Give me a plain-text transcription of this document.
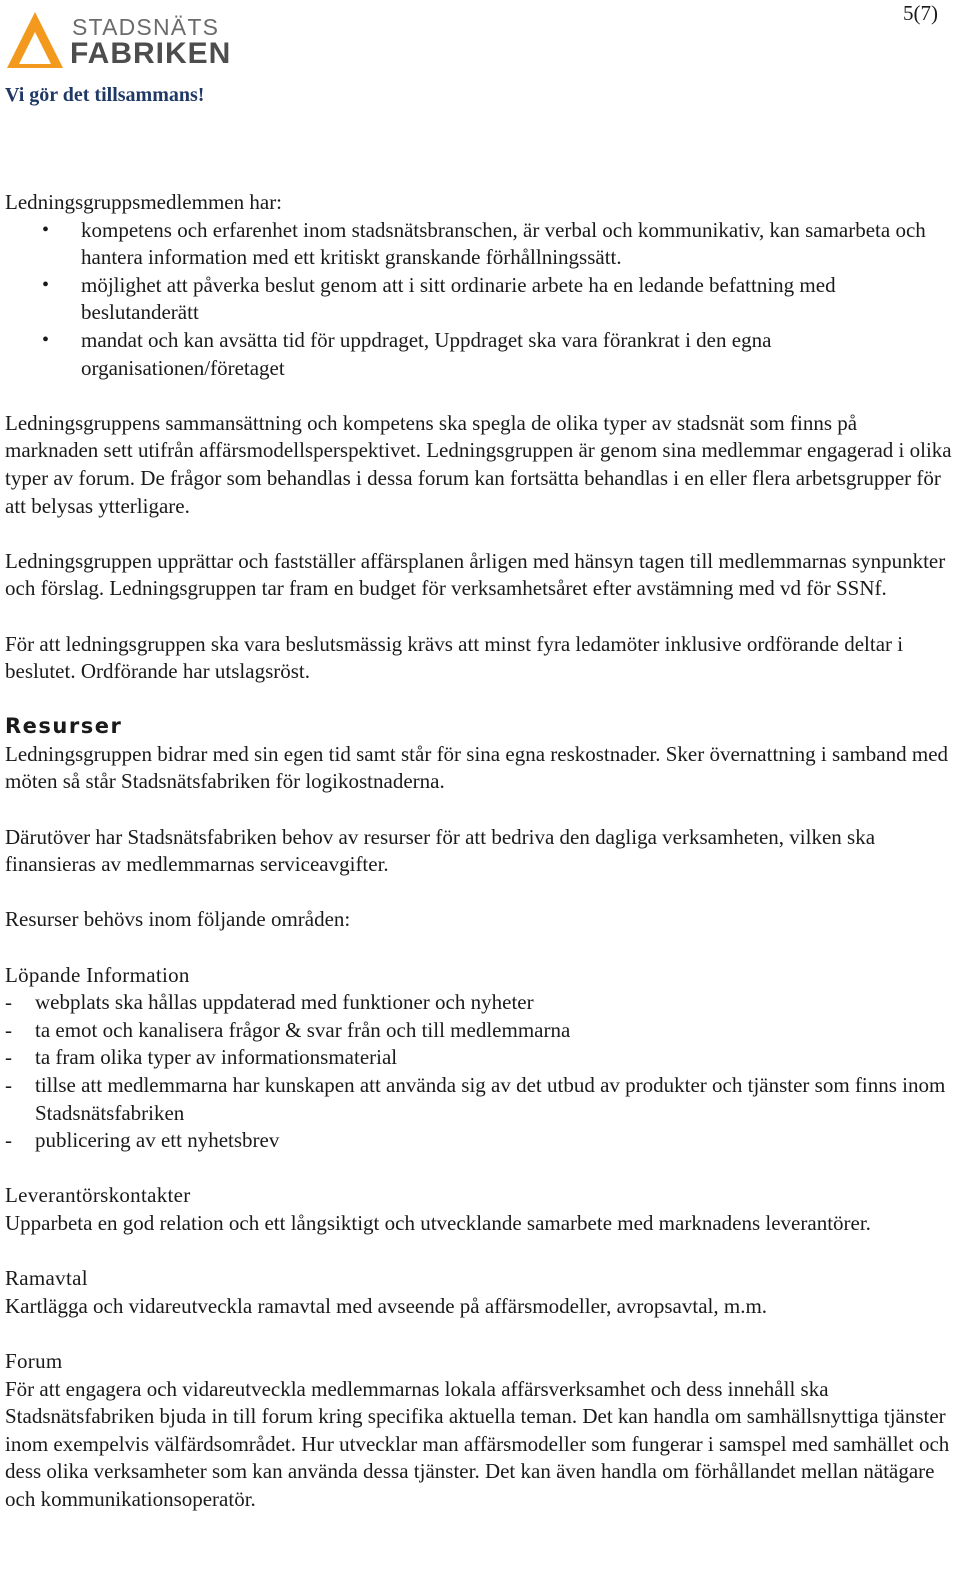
5(7)
STADSNÄTS
FABRIKEN
Vi gör det tillsammans!

Ledningsgruppsmedlemmen har:

• kompetens och erfarenhet inom stadsnätsbranschen, är verbal och kommunikativ, kan samarbeta och hantera information med ett kritiskt granskande förhållningssätt.
• möjlighet att påverka beslut genom att i sitt ordinarie arbete ha en ledande befattning med beslutanderätt
• mandat och kan avsätta tid för uppdraget, Uppdraget ska vara förankrat i den egna organisationen/företaget

Ledningsgruppens sammansättning och kompetens ska spegla de olika typer av stadsnät som finns på marknaden sett utifrån affärsmodellsperspektivet. Ledningsgruppen är genom sina medlemmar engagerad i olika typer av forum. De frågor som behandlas i dessa forum kan fortsätta behandlas i en eller flera arbetsgrupper för att belysas ytterligare.

Ledningsgruppen upprättar och fastställer affärsplanen årligen med hänsyn tagen till medlemmarnas synpunkter och förslag. Ledningsgruppen tar fram en budget för verksamhetsåret efter avstämning med vd för SSNf.

För att ledningsgruppen ska vara beslutsmässig krävs att minst fyra ledamöter inklusive ordförande deltar i beslutet. Ordförande har utslagsröst.

Resurser

Ledningsgruppen bidrar med sin egen tid samt står för sina egna reskostnader. Sker övernattning i samband med möten så står Stadsnätsfabriken för logikostnaderna.

Därutöver har Stadsnätsfabriken behov av resurser för att bedriva den dagliga verksamheten, vilken ska finansieras av medlemmarnas serviceavgifter.

Resurser behövs inom följande områden:

Löpande Information

- webplats ska hållas uppdaterad med funktioner och nyheter
- ta emot och kanalisera frågor & svar från och till medlemmarna
- ta fram olika typer av informationsmaterial
- tillse att medlemmarna har kunskapen att använda sig av det utbud av produkter och tjänster som finns inom Stadsnätsfabriken
- publicering av ett nyhetsbrev

Leverantörskontakter

Upparbeta en god relation och ett långsiktigt och utvecklande samarbete med marknadens leverantörer.

Ramavtal

Kartlägga och vidareutveckla ramavtal med avseende på affärsmodeller, avropsavtal, m.m.

Forum

För att engagera och vidareutveckla medlemmarnas lokala affärsverksamhet och dess innehåll ska Stadsnätsfabriken bjuda in till forum kring specifika aktuella teman. Det kan handla om samhällsnyttiga tjänster inom exempelvis välfärdsområdet. Hur utvecklar man affärsmodeller som fungerar i samspel med samhället och dess olika verksamheter som kan använda dessa tjänster. Det kan även handla om förhållandet mellan nätägare och kommunikationsoperatör.
